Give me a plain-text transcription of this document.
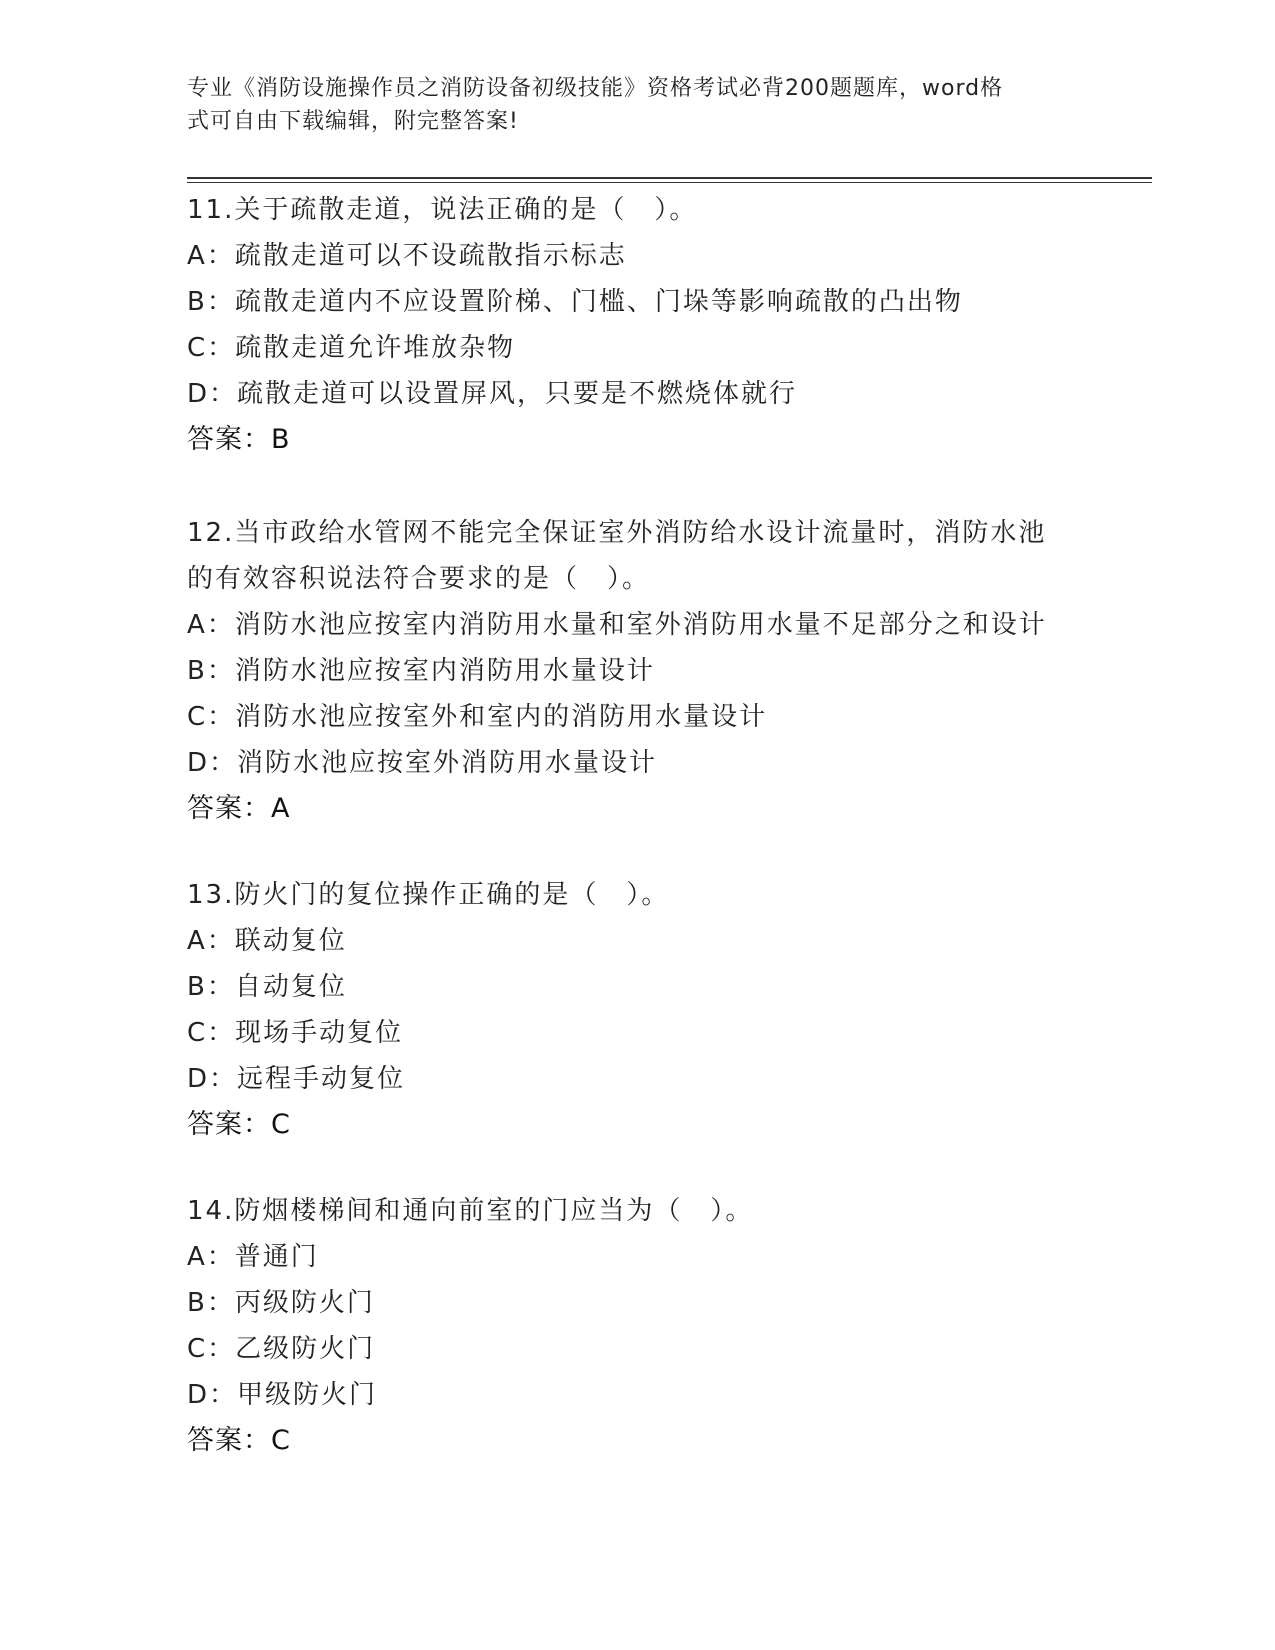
专业《消防设施操作员之消防设备初级技能》资格考试必背200题题库，word格
式可自由下载编辑，附完整答案!
11.关于疏散走道，说法正确的是（　）。
A：疏散走道可以不设疏散指示标志
B：疏散走道内不应设置阶梯、门槛、门垛等影响疏散的凸出物
C：疏散走道允许堆放杂物
D：疏散走道可以设置屏风，只要是不燃烧体就行
答案：B
12.当市政给水管网不能完全保证室外消防给水设计流量时，消防水池
的有效容积说法符合要求的是（　）。
A：消防水池应按室内消防用水量和室外消防用水量不足部分之和设计
B：消防水池应按室内消防用水量设计
C：消防水池应按室外和室内的消防用水量设计
D：消防水池应按室外消防用水量设计
答案：A
13.防火门的复位操作正确的是（　）。
A：联动复位
B：自动复位
C：现场手动复位
D：远程手动复位
答案：C
14.防烟楼梯间和通向前室的门应当为（　）。
A：普通门
B：丙级防火门
C：乙级防火门
D：甲级防火门
答案：C
